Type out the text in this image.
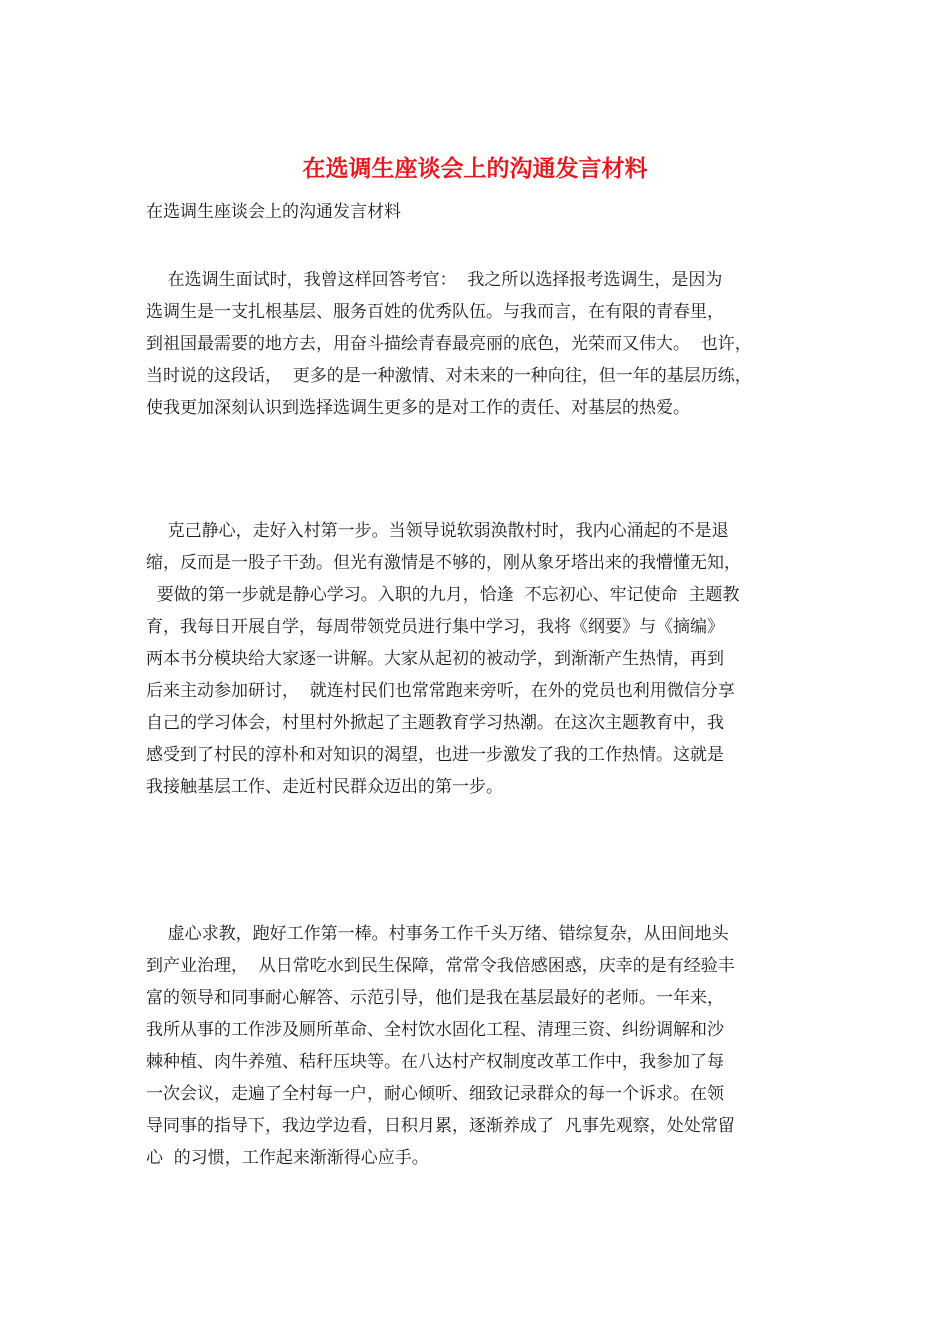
在选调生座谈会上的沟通发言材料

在选调生座谈会上的沟通发言材料

在选调生面试时，我曾这样回答考官：  我之所以选择报考选调生，是因为
选调生是一支扎根基层、服务百姓的优秀队伍。与我而言，在有限的青春里，
到祖国最需要的地方去，用奋斗描绘青春最亮丽的底色，光荣而又伟大。  也许，
当时说的这段话，  更多的是一种激情、对未来的一种向往，但一年的基层历练，
使我更加深刻认识到选择选调生更多的是对工作的责任、对基层的热爱。
克己静心，走好入村第一步。当领导说软弱涣散村时，我内心涌起的不是退
缩，反而是一股子干劲。但光有激情是不够的，刚从象牙塔出来的我懵懂无知，
要做的第一步就是静心学习。入职的九月，恰逢  不忘初心、牢记使命  主题教
育，我每日开展自学，每周带领党员进行集中学习，我将《纲要》与《摘编》
两本书分模块给大家逐一讲解。大家从起初的被动学，到渐渐产生热情，再到
后来主动参加研讨，  就连村民们也常常跑来旁听，在外的党员也利用微信分享
自己的学习体会，村里村外掀起了主题教育学习热潮。在这次主题教育中，我
感受到了村民的淳朴和对知识的渴望，也进一步激发了我的工作热情。这就是
我接触基层工作、走近村民群众迈出的第一步。
虚心求教，跑好工作第一棒。村事务工作千头万绪、错综复杂，从田间地头
到产业治理，  从日常吃水到民生保障，常常令我倍感困惑，庆幸的是有经验丰
富的领导和同事耐心解答、示范引导，他们是我在基层最好的老师。一年来，
我所从事的工作涉及厕所革命、全村饮水固化工程、清理三资、纠纷调解和沙
棘种植、肉牛养殖、秸秆压块等。在八达村产权制度改革工作中，我参加了每
一次会议，走遍了全村每一户，耐心倾听、细致记录群众的每一个诉求。在领
导同事的指导下，我边学边看，日积月累，逐渐养成了  凡事先观察，处处常留
心  的习惯，工作起来渐渐得心应手。
